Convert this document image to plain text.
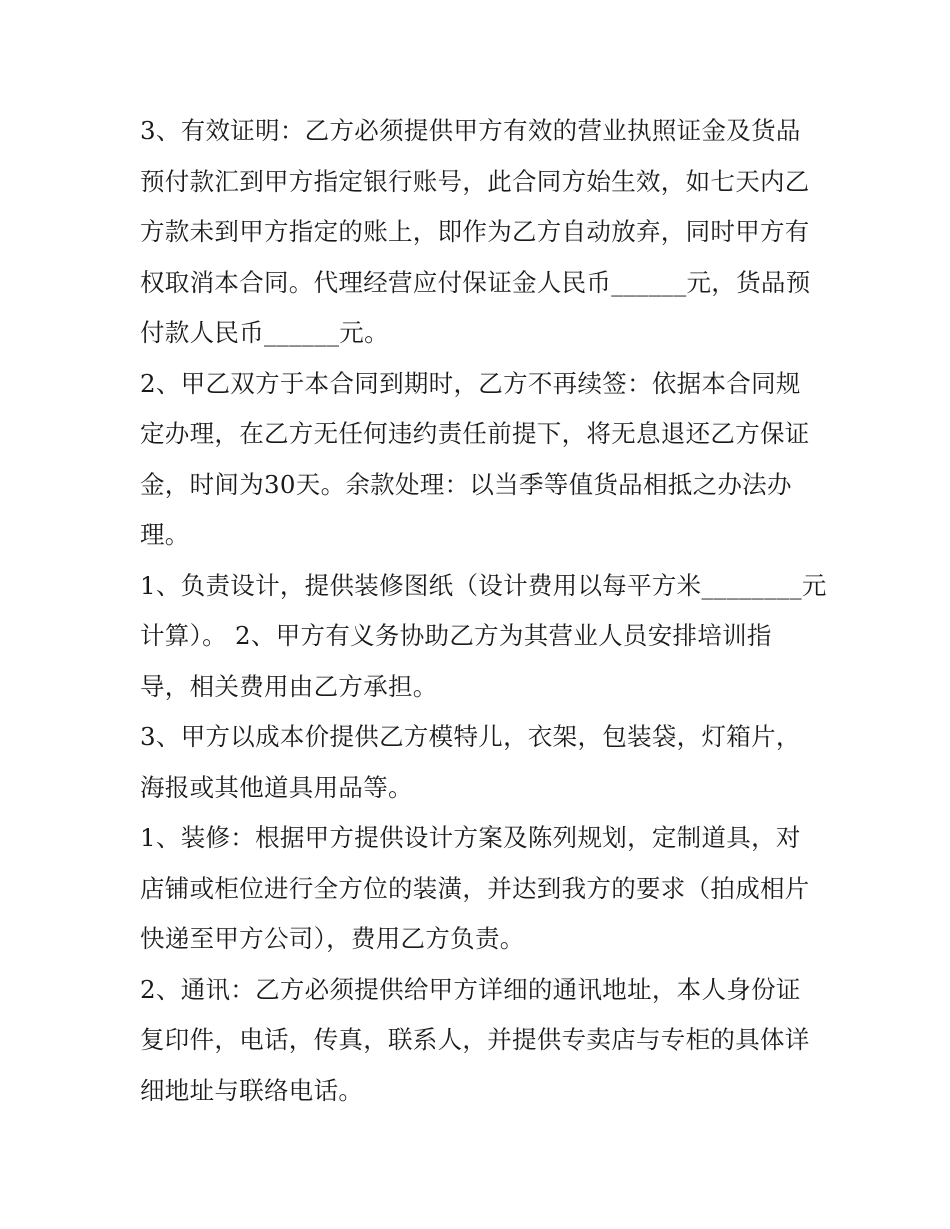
3、有效证明：乙方必须提供甲方有效的营业执照证金及货品
预付款汇到甲方指定银行账号，此合同方始生效，如七天内乙
方款未到甲方指定的账上，即作为乙方自动放弃，同时甲方有
权取消本合同。代理经营应付保证金人民币______元，货品预
付款人民币______元。

2、甲乙双方于本合同到期时，乙方不再续签：依据本合同规
定办理，在乙方无任何违约责任前提下，将无息退还乙方保证
金，时间为30天。余款处理：以当季等值货品相抵之办法办
理。

1、负责设计，提供装修图纸（设计费用以每平方米________元
计算）。 2、甲方有义务协助乙方为其营业人员安排培训指
导，相关费用由乙方承担。

3、甲方以成本价提供乙方模特儿，衣架，包装袋，灯箱片，
海报或其他道具用品等。

1、装修：根据甲方提供设计方案及陈列规划，定制道具，对
店铺或柜位进行全方位的装潢，并达到我方的要求（拍成相片
快递至甲方公司），费用乙方负责。

2、通讯：乙方必须提供给甲方详细的通讯地址，本人身份证
复印件，电话，传真，联系人，并提供专卖店与专柜的具体详
细地址与联络电话。
